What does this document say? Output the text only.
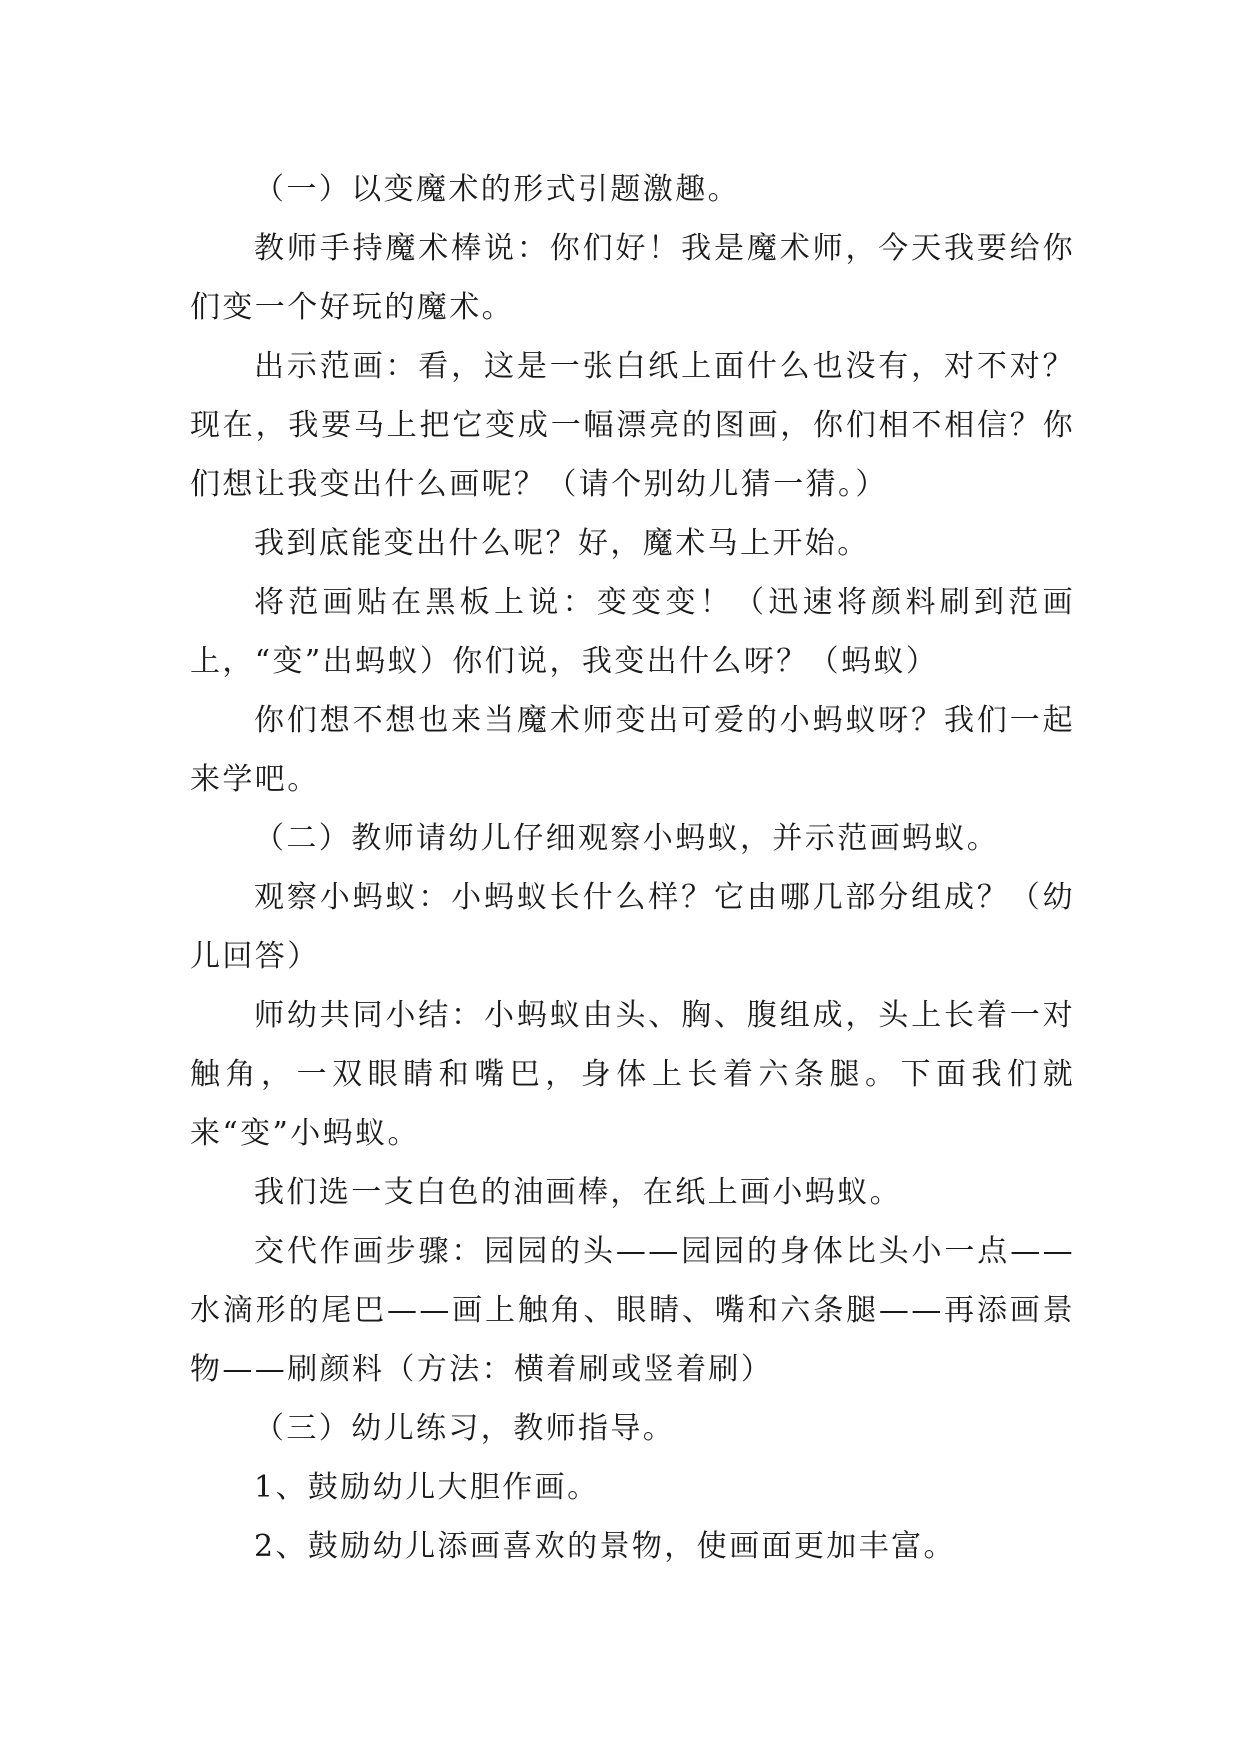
（一）以变魔术的形式引题激趣。

教师手持魔术棒说：你们好！我是魔术师，今天我要给你们变一个好玩的魔术。

出示范画：看，这是一张白纸上面什么也没有，对不对？现在，我要马上把它变成一幅漂亮的图画，你们相不相信？你们想让我变出什么画呢？（请个别幼儿猜一猜。）

我到底能变出什么呢？好，魔术马上开始。

将范画贴在黑板上说：变变变！（迅速将颜料刷到范画上，“变”出蚂蚁）你们说，我变出什么呀？（蚂蚁）

你们想不想也来当魔术师变出可爱的小蚂蚁呀？我们一起来学吧。

（二）教师请幼儿仔细观察小蚂蚁，并示范画蚂蚁。

观察小蚂蚁：小蚂蚁长什么样？它由哪几部分组成？（幼儿回答）

师幼共同小结：小蚂蚁由头、胸、腹组成，头上长着一对触角，一双眼睛和嘴巴，身体上长着六条腿。下面我们就来“变”小蚂蚁。

我们选一支白色的油画棒，在纸上画小蚂蚁。

交代作画步骤：园园的头——园园的身体比头小一点——水滴形的尾巴——画上触角、眼睛、嘴和六条腿——再添画景物——刷颜料（方法：横着刷或竖着刷）

（三）幼儿练习，教师指导。

1、鼓励幼儿大胆作画。

2、鼓励幼儿添画喜欢的景物，使画面更加丰富。
